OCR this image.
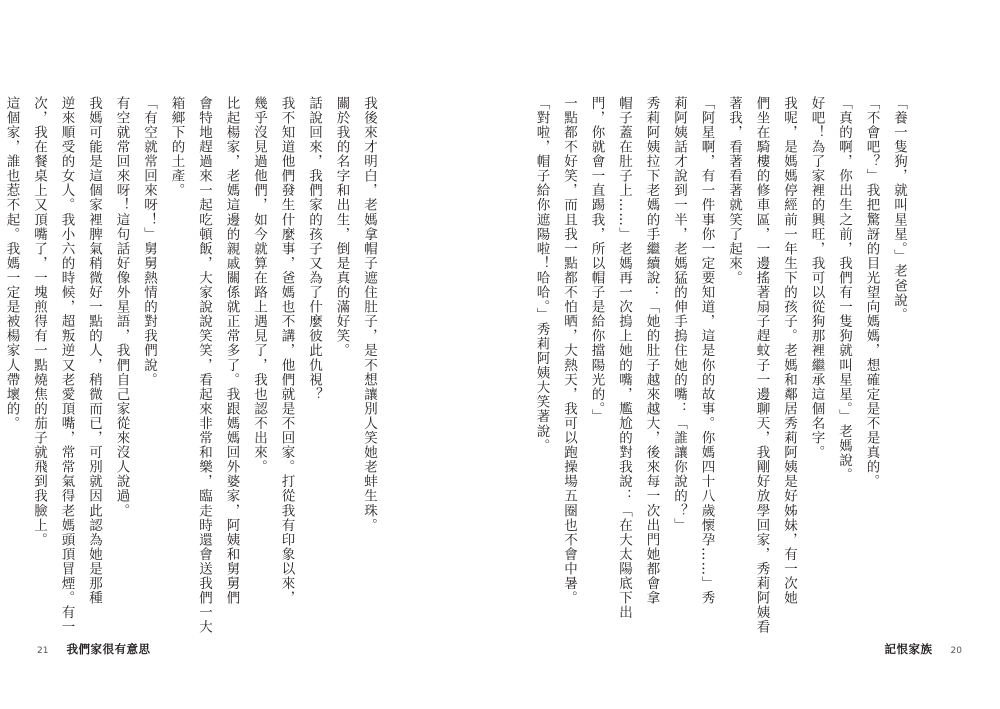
我後來才明白，老媽拿帽子遮住肚子，是不想讓別人笑她老蚌生珠。
關於我的名字和出生，倒是真的滿好笑。
話說回來，我們家的孩子又為了什麼彼此仇視？
我不知道他們發生什麼事，爸媽也不講，他們就是不回家。打從我有印象以來，
幾乎沒見過他們，如今就算在路上遇見了，我也認不出來。
比起楊家，老媽這邊的親戚關係就正常多了。我跟媽媽回外婆家，阿姨和舅舅們
會特地趕過來一起吃頓飯，大家說說笑笑，看起來非常和樂，臨走時還會送我們一大
箱鄉下的土產。
「有空就常回來呀！」舅舅熱情的對我們說。
有空就常回來呀！這句話好像外星語，我們自己家從來沒人說過。
我媽可能是這個家裡脾氣稍微好一點的人，稍微而已，可別就因此認為她是那種
逆來順受的女人。我小六的時候，超叛逆又老愛頂嘴，常常氣得老媽頭頂冒煙。有一
次，我在餐桌上又頂嘴了，一塊煎得有一點燒焦的茄子就飛到我臉上。
這個家，誰也惹不起。我媽一定是被楊家人帶壞的。
21 我們家很有意思
「養一隻狗，就叫星星。」老爸說。
「不會吧？」我把驚訝的目光望向媽媽，想確定是不是真的。
「真的啊，你出生之前，我們有一隻狗就叫星星。」老媽說。
好吧！為了家裡的興旺，我可以從狗那裡繼承這個名字。
我呢，是媽媽停經前一年生下的孩子。老媽和鄰居秀莉阿姨是好姊妹，有一次她
們坐在騎樓的修車區，一邊搖著扇子趕蚊子一邊聊天，我剛好放學回家，秀莉阿姨看
著我，看著看著就笑了起來。
「阿星啊，有一件事你一定要知道，這是你的故事。你媽四十八歲懷孕……」秀
莉阿姨話才說到一半，老媽猛的伸手摀住她的嘴：「誰讓你說的？」
秀莉阿姨拉下老媽的手繼續說：「她的肚子越來越大，後來每一次出門她都會拿
帽子蓋在肚子上……」老媽再一次摀上她的嘴，尷尬的對我說：「在大太陽底下出
門，你就會一直踢我，所以帽子是給你擋陽光的。」
一點都不好笑，而且我一點都不怕晒，大熱天，我可以跑操場五圈也不會中暑。
「對啦，帽子給你遮陽啦！哈哈。」秀莉阿姨大笑著說。
記恨家族 20
